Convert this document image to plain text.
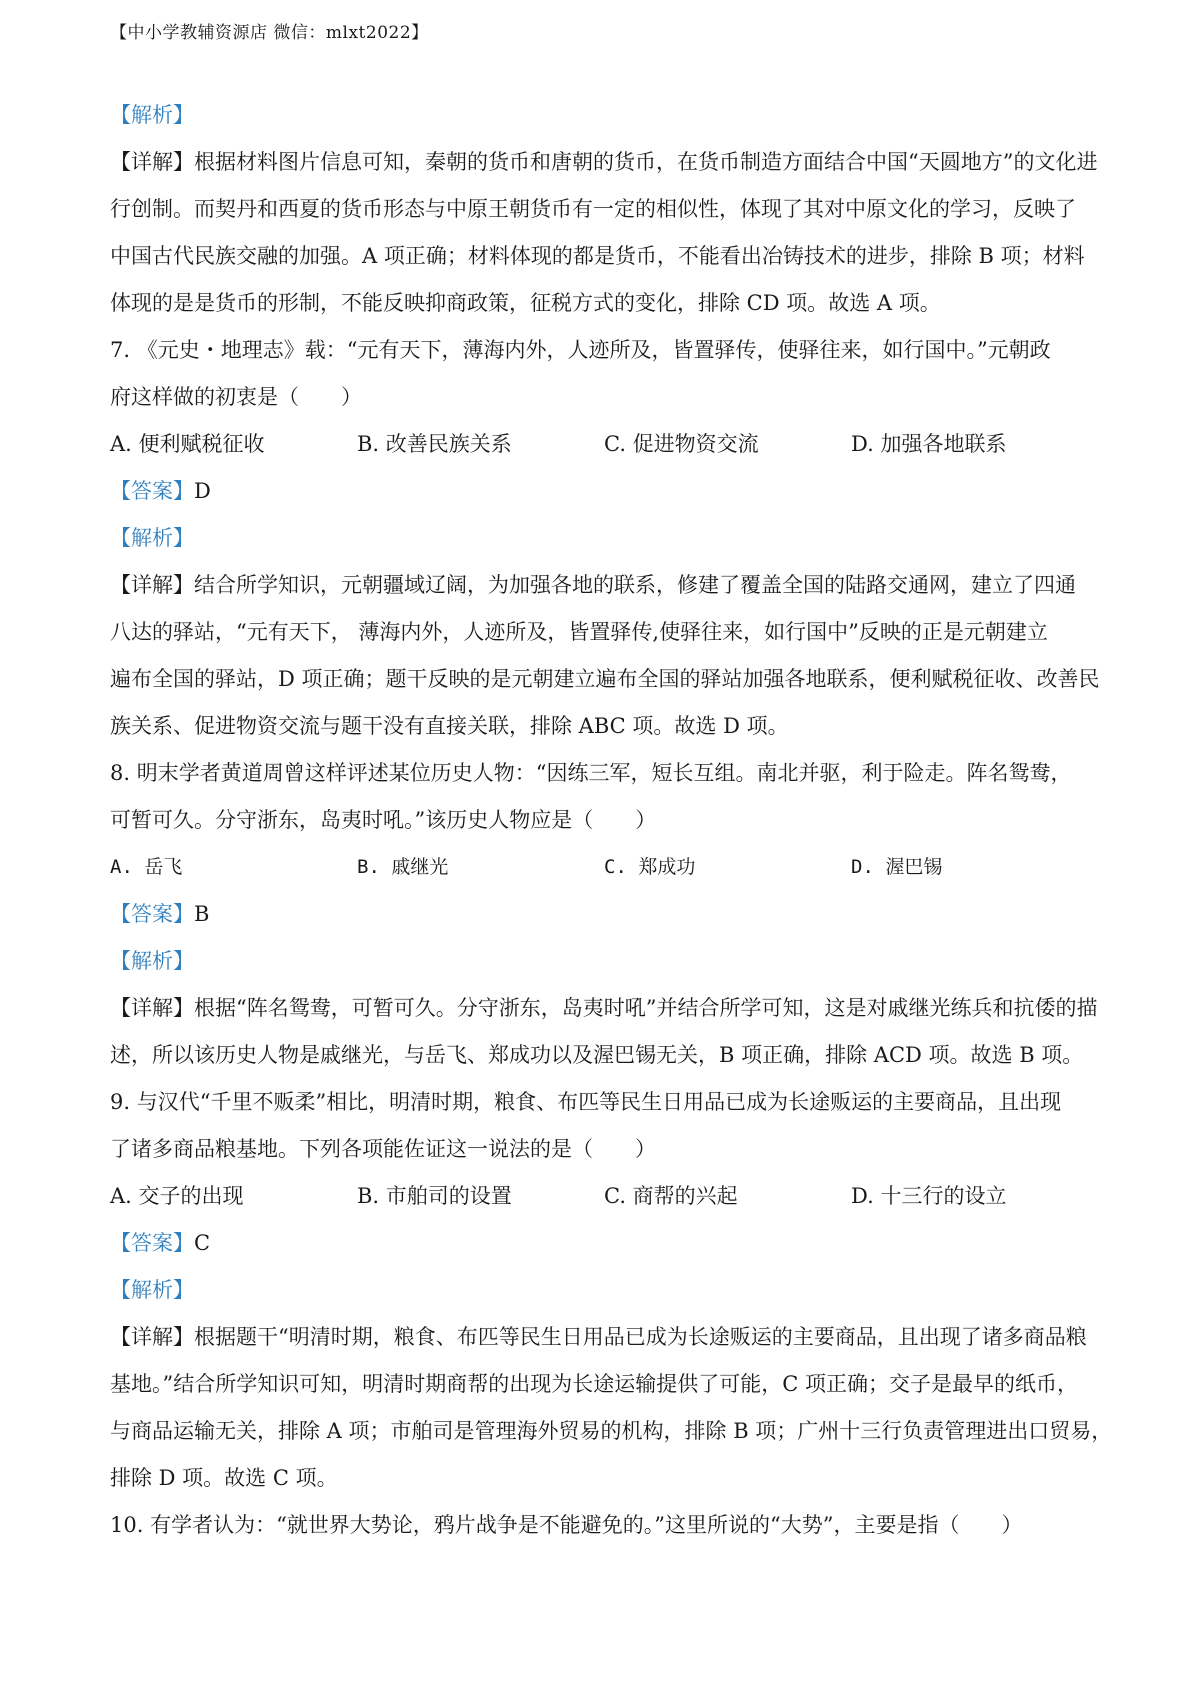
【中小学教辅资源店 微信：mlxt2022】
【解析】
【详解】根据材料图片信息可知，秦朝的货币和唐朝的货币，在货币制造方面结合中国“天圆地方”的文化进
行创制。而契丹和西夏的货币形态与中原王朝货币有一定的相似性，体现了其对中原文化的学习，反映了
中国古代民族交融的加强。A 项正确；材料体现的都是货币，不能看出冶铸技术的进步，排除 B 项；材料
体现的是是货币的形制，不能反映抑商政策，征税方式的变化，排除 CD 项。故选 A 项。
7. 《元史・地理志》载：“元有天下，薄海内外，人迹所及，皆置驿传，使驿往来，如行国中。”元朝政
府这样做的初衷是（　　）
A. 便利赋税征收	B. 改善民族关系	C. 促进物资交流	D. 加强各地联系
【答案】D
【解析】
【详解】结合所学知识，元朝疆域辽阔，为加强各地的联系，修建了覆盖全国的陆路交通网，建立了四通
八达的驿站，“元有天下， 薄海内外，人迹所及，皆置驿传,使驿往来，如行国中”反映的正是元朝建立
遍布全国的驿站，D 项正确；题干反映的是元朝建立遍布全国的驿站加强各地联系，便利赋税征收、改善民
族关系、促进物资交流与题干没有直接关联，排除 ABC 项。故选 D 项。
8. 明末学者黄道周曾这样评述某位历史人物：“因练三军，短长互组。南北并驱，利于险走。阵名鸳鸯，
可暂可久。分守浙东，岛夷时吼。”该历史人物应是（　　）
A. 岳飞	B. 戚继光	C. 郑成功	D. 渥巴锡
【答案】B
【解析】
【详解】根据“阵名鸳鸯，可暂可久。分守浙东，岛夷时吼”并结合所学可知，这是对戚继光练兵和抗倭的描
述，所以该历史人物是戚继光，与岳飞、郑成功以及渥巴锡无关，B 项正确，排除 ACD 项。故选 B 项。
9. 与汉代“千里不贩柔”相比，明清时期，粮食、布匹等民生日用品已成为长途贩运的主要商品，且出现
了诸多商品粮基地。下列各项能佐证这一说法的是（　　）
A. 交子的出现	B. 市舶司的设置	C. 商帮的兴起	D. 十三行的设立
【答案】C
【解析】
【详解】根据题干“明清时期，粮食、布匹等民生日用品已成为长途贩运的主要商品，且出现了诸多商品粮
基地。”结合所学知识可知，明清时期商帮的出现为长途运输提供了可能，C 项正确；交子是最早的纸币，
与商品运输无关，排除 A 项；市舶司是管理海外贸易的机构，排除 B 项；广州十三行负责管理进出口贸易，
排除 D 项。故选 C 项。
10. 有学者认为：“就世界大势论，鸦片战争是不能避免的。”这里所说的“大势”，主要是指（　　）
